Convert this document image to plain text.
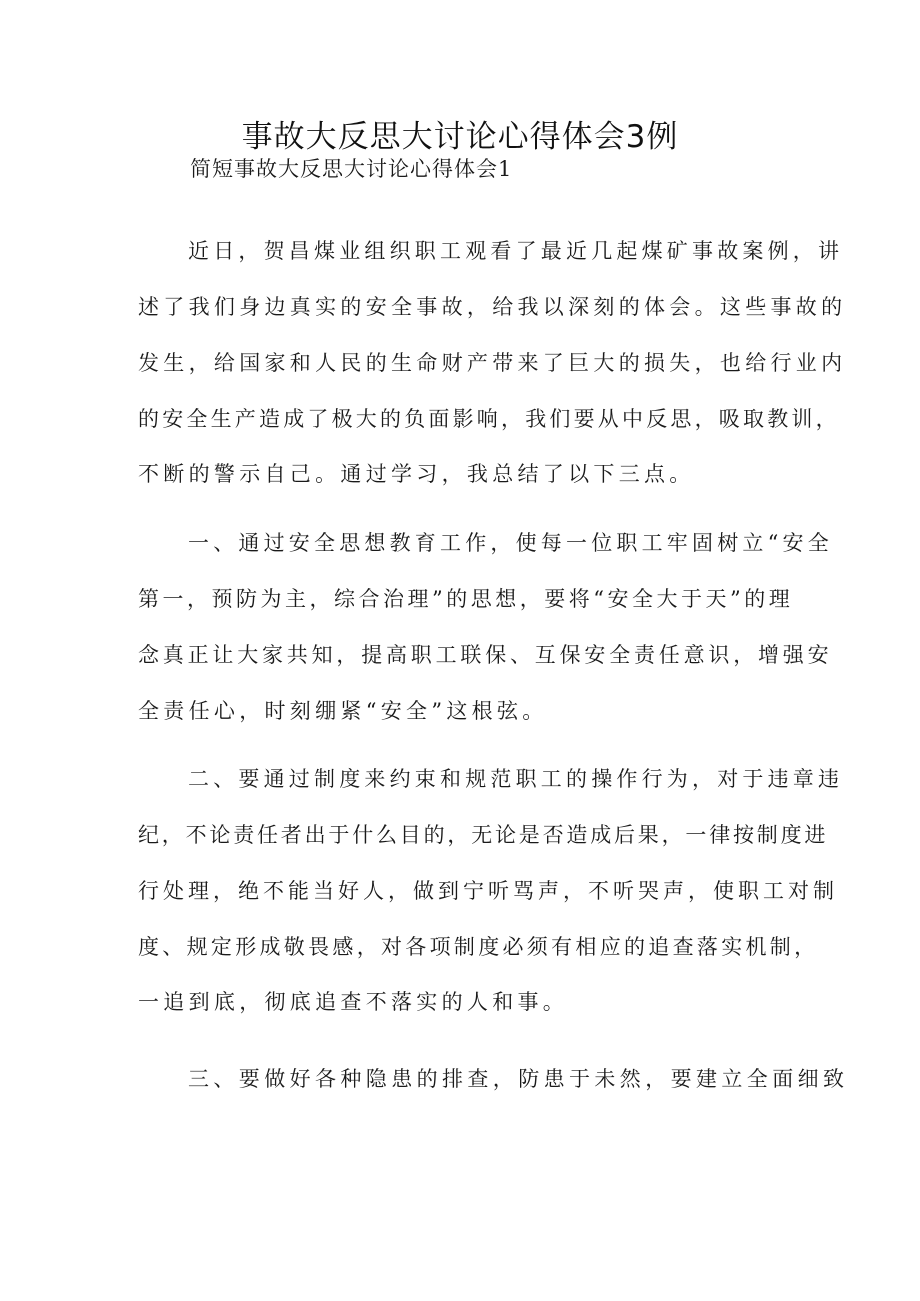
事故大反思大讨论心得体会3例
简短事故大反思大讨论心得体会1
近日，贺昌煤业组织职工观看了最近几起煤矿事故案例，讲
述了我们身边真实的安全事故，给我以深刻的体会。这些事故的
发生，给国家和人民的生命财产带来了巨大的损失，也给行业内
的安全生产造成了极大的负面影响，我们要从中反思，吸取教训，
不断的警示自己。通过学习，我总结了以下三点。
一、通过安全思想教育工作，使每一位职工牢固树立“安全
第一，预防为主，综合治理”的思想，要将“安全大于天”的理
念真正让大家共知，提高职工联保、互保安全责任意识，增强安
全责任心，时刻绷紧“安全”这根弦。
二、要通过制度来约束和规范职工的操作行为，对于违章违
纪，不论责任者出于什么目的，无论是否造成后果，一律按制度进
行处理，绝不能当好人，做到宁听骂声，不听哭声，使职工对制
度、规定形成敬畏感，对各项制度必须有相应的追查落实机制，
一追到底，彻底追查不落实的人和事。
三、要做好各种隐患的排查，防患于未然，要建立全面细致
